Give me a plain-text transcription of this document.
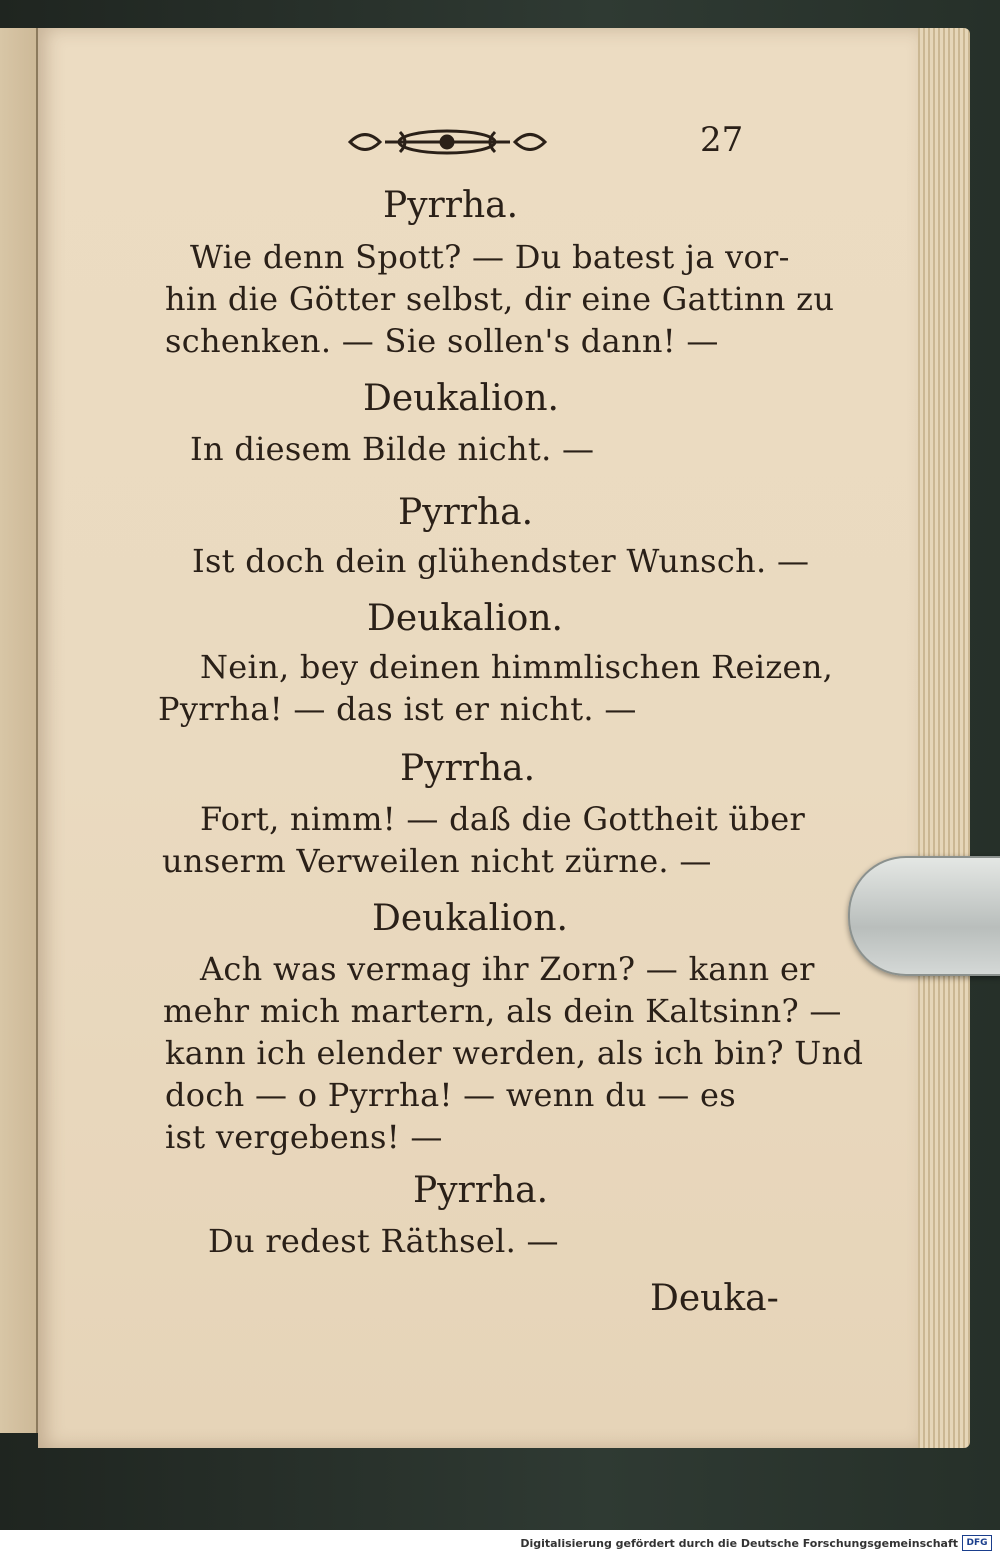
27
Pyrrha.
Wie denn Spott? — Du batest ja vor-
hin die Götter selbst, dir eine Gattinn zu
schenken. — Sie sollen's dann! —
Deukalion.
In diesem Bilde nicht. —
Pyrrha.
Ist doch dein glühendster Wunsch. —
Deukalion.
Nein, bey deinen himmlischen Reizen,
Pyrrha! — das ist er nicht. —
Pyrrha.
Fort, nimm! — daß die Gottheit über
unserm Verweilen nicht zürne. —
Deukalion.
Ach was vermag ihr Zorn? — kann er
mehr mich martern, als dein Kaltsinn? —
kann ich elender werden, als ich bin? Und
doch — o Pyrrha! — wenn du — es
ist vergebens! —
Pyrrha.
Du redest Räthsel. —
Deuka-
Digitalisierung gefördert durch die Deutsche Forschungsgemeinschaft DFG
